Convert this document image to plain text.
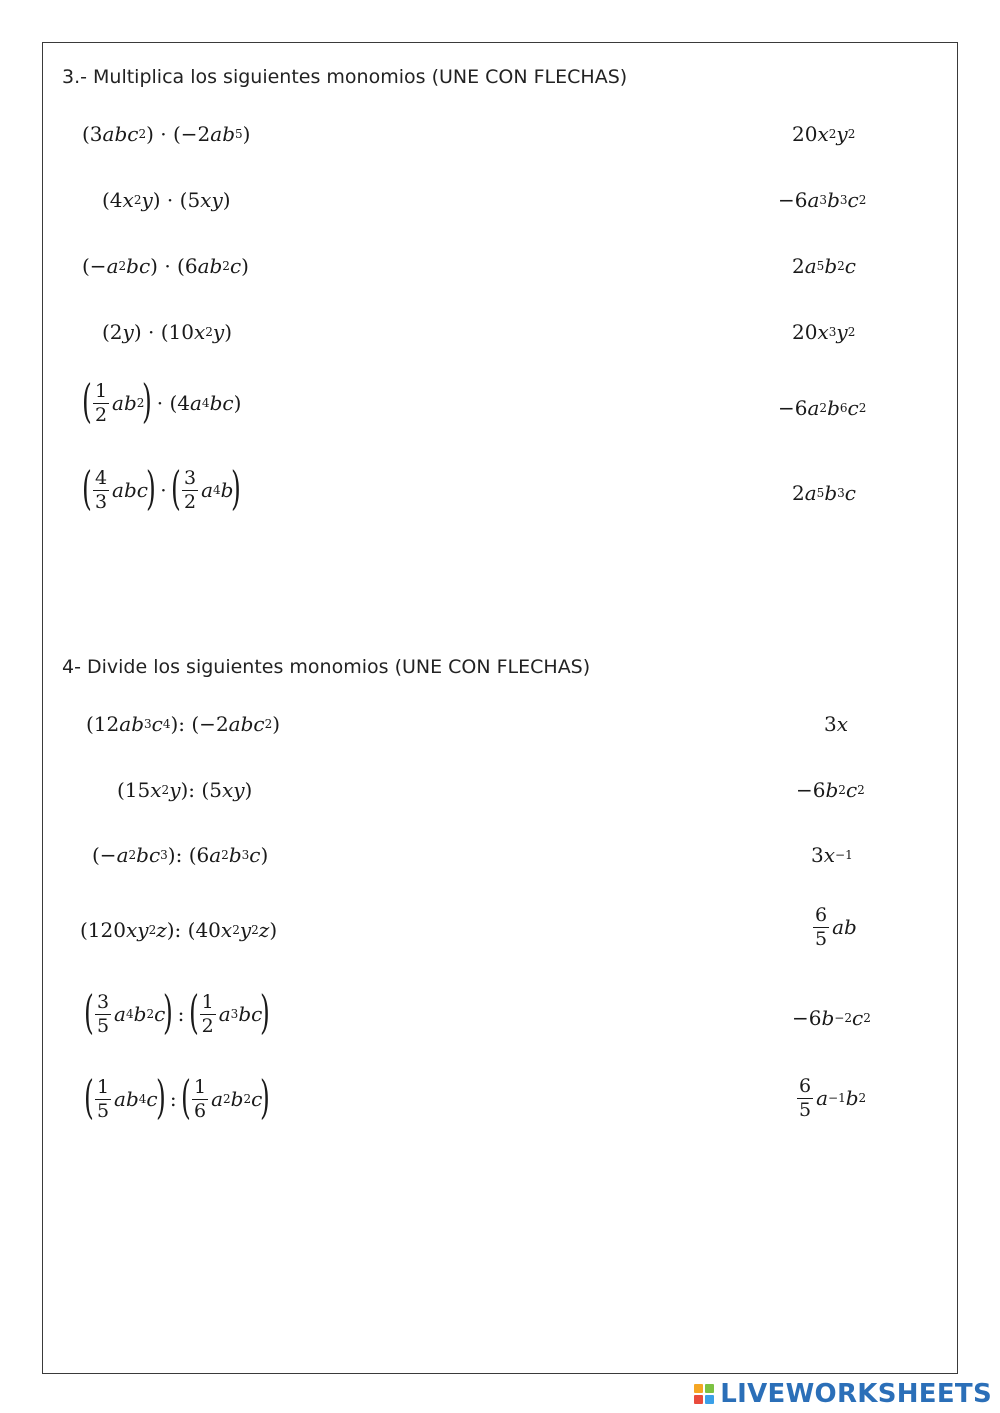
3.- Multiplica los siguientes monomios (UNE CON FLECHAS)
(3 abc 2 ) · (−2 ab 5 )
(4 x 2 y ) · (5 xy )
(− a 2 bc ) · (6 ab 2 c )
(2 y ) · (10 x 2 y )
( $\frac{1}{2}$ ab 2
)
· (4 a 4 bc )
( $\frac{4}{3}$ abc
)
·
( $\frac{3}{2}$ a 4 b
)
20 x 2 y 2
−6 a 3 b 3 c 2
2 a 5 b 2 c
20 x 3 y 2
−6 a 2 b 6 c 2
2 a 5 b 3 c
4- Divide los siguientes monomios (UNE CON FLECHAS)
(12 ab 3 c 4 ): (−2 abc 2 )
(15 x 2 y ): (5 xy )
(− a 2 bc 3 ): (6 a 2 b 3 c )
(120 xy 2 z ): (40 x 2 y 2 z )
( $\frac{3}{5}$ a 4 b 2 c
)
:
( $\frac{1}{2}$ a 3 bc
)
( $\frac{1}{5}$ ab 4 c
)
:
( $\frac{1}{6}$ a 2 b 2 c
)
3 x
−6 b 2 c 2
3 x −1
$\frac{6}{5}$ ab
−6 b −2 c 2
$\frac{6}{5}$ a −1 b 2
LIVEWORKSHEETS
